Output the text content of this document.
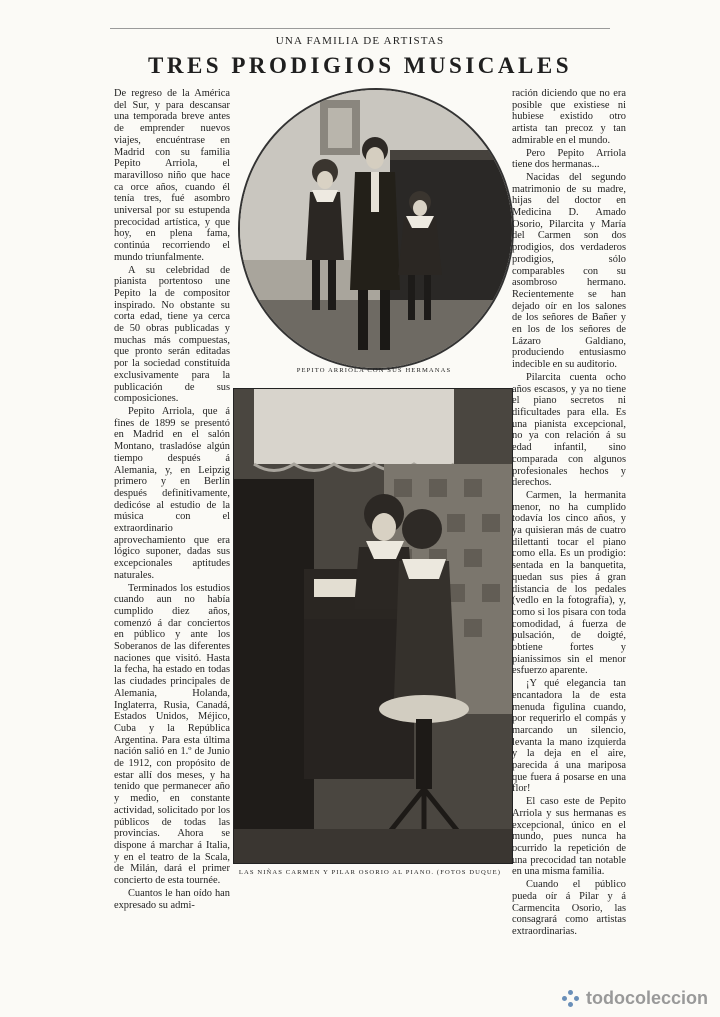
UNA FAMILIA DE ARTISTAS
TRES PRODIGIOS MUSICALES

De regreso de la América del Sur, y para descansar una temporada breve antes de emprender nuevos viajes, encuéntrase en Madrid con su familia Pepito Arriola, el maravilloso niño que hace ca orce años, cuando él tenía tres, fué asombro universal por su estupenda precocidad artística, y que hoy, en plena fama, continúa recorriendo el mundo triunfalmente.

A su celebridad de pianista portentoso une Pepito la de compositor inspirado. No obstante su corta edad, tiene ya cerca de 50 obras publicadas y muchas más compuestas, que pronto serán editadas por la sociedad constituída exclusivamente para la publicación de sus composiciones.

Pepito Arriola, que á fines de 1899 se presentó en Madrid en el salón Montano, trasladóse algún tiempo después á Alemania, y, en Leipzig primero y en Berlín después definitivamente, dedicóse al estudio de la música con el extraordinario aprovechamiento que era lógico suponer, dadas sus excepcionales aptitudes naturales.

Terminados los estudios cuando aun no había cumplido diez años, comenzó á dar conciertos en público y ante los Soberanos de las diferentes naciones que visitó. Hasta la fecha, ha estado en todas las ciudades principales de Alemania, Holanda, Inglaterra, Rusia, Canadá, Estados Unidos, Méjico, Cuba y la República Argentina. Para esta última nación salió en 1.º de Junio de 1912, con propósito de estar allí dos meses, y ha tenido que permanecer año y medio, en constante actividad, solicitado por los públicos de todas las provincias. Ahora se dispone á marchar á Italia, y en el teatro de la Scala, de Milán, dará el primer concierto de esta tournée.

Cuantos le han oído han expresado su admi-

PEPITO ARRIOLA CON SUS HERMANAS
LAS NIÑAS CARMEN Y PILAR OSORIO AL PIANO. (FOTOS DUQUE)

ración diciendo que no era posible que existiese ni hubiese existido otro artista tan precoz y tan admirable en el mundo.

Pero Pepito Arriola tiene dos hermanas...

Nacidas del segundo matrimonio de su madre, hijas del doctor en Medicina D. Amado Osorio, Pilarcita y María del Carmen son dos prodigios, dos verdaderos prodigios, sólo comparables con su asombroso hermano. Recientemente se han dejado oír en los salones de los señores de Bañer y en los de los señores de Lázaro Galdiano, produciendo entusiasmo indecible en su auditorio.

Pilarcita cuenta ocho años escasos, y ya no tiene el piano secretos ni dificultades para ella. Es una pianista excepcional, no ya con relación á su edad infantil, sino comparada con algunos profesionales hechos y derechos.

Carmen, la hermanita menor, no ha cumplido todavía los cinco años, y ya quisieran más de cuatro dilettanti tocar el piano como ella. Es un prodigio: sentada en la banquetita, quedan sus pies á gran distancia de los pedales (vedlo en la fotografía), y, como si los pisara con toda comodidad, á fuerza de pulsación, de doigté, obtiene fortes y pianissimos sin el menor esfuerzo aparente.

¡Y qué elegancia tan encantadora la de esta menuda figulina cuando, por requerirlo el compás y marcando un silencio, levanta la mano izquierda y la deja en el aire, parecida á una mariposa que fuera á posarse en una flor!

El caso este de Pepito Arriola y sus hermanas es excepcional, único en el mundo, pues nunca ha ocurrido la repetición de una precocidad tan notable en una misma familia.

Cuando el público pueda oír á Pilar y á Carmencita Osorio, las consagrará como artistas extraordinarias.

todocoleccion
